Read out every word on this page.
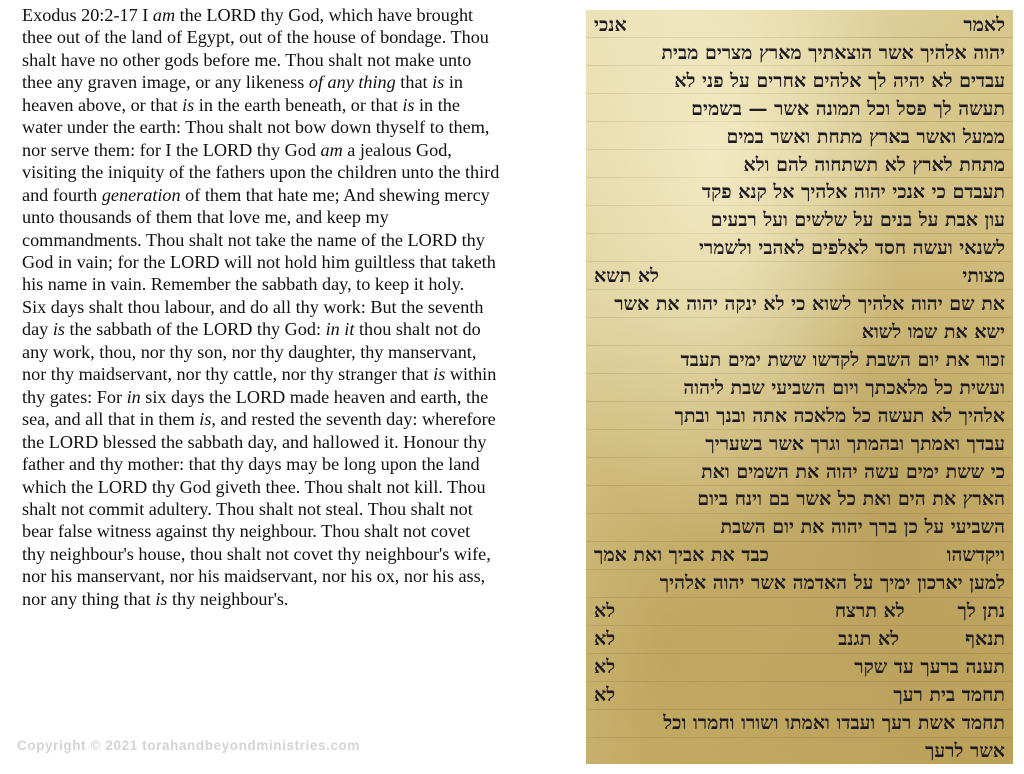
Exodus 20:2-17 I am the LORD thy God, which have brought
thee out of the land of Egypt, out of the house of bondage. Thou
shalt have no other gods before me. Thou shalt not make unto
thee any graven image, or any likeness of any thing that is in
heaven above, or that is in the earth beneath, or that is in the
water under the earth: Thou shalt not bow down thyself to them,
nor serve them: for I the LORD thy God am a jealous God,
visiting the iniquity of the fathers upon the children unto the third
and fourth generation of them that hate me; And shewing mercy
unto thousands of them that love me, and keep my
commandments. Thou shalt not take the name of the LORD thy
God in vain; for the LORD will not hold him guiltless that taketh
his name in vain. Remember the sabbath day, to keep it holy.
Six days shalt thou labour, and do all thy work: But the seventh
day is the sabbath of the LORD thy God: in it thou shalt not do
any work, thou, nor thy son, nor thy daughter, thy manservant,
nor thy maidservant, nor thy cattle, nor thy stranger that is within
thy gates: For in six days the LORD made heaven and earth, the
sea, and all that in them is, and rested the seventh day: wherefore
the LORD blessed the sabbath day, and hallowed it. Honour thy
father and thy mother: that thy days may be long upon the land
which the LORD thy God giveth thee. Thou shalt not kill. Thou
shalt not commit adultery. Thou shalt not steal. Thou shalt not
bear false witness against thy neighbour. Thou shalt not covet
thy neighbour's house, thou shalt not covet thy neighbour's wife,
nor his manservant, nor his maidservant, nor his ox, nor his ass,
nor any thing that is thy neighbour's.
Copyright © 2021 torahandbeyondministries.com
לאמר
אנכי
יהוה אלהיך אשר הוצאתיך מארץ מצרים מבית
עבדים לא יהיה לך אלהים אחרים על פני לא
תעשה לך פסל וכל תמונה אשר — בשמים
ממעל ואשר בארץ מתחת ואשר במים
מתחת לארץ לא תשתחוה להם ולא
תעבדם כי אנכי יהוה אלהיך אל קנא פקד
עון אבת על בנים על שלשים ועל רבעים
לשנאי ועשה חסד לאלפים לאהבי ולשמרי
מצותי
לא תשא
את שם יהוה אלהיך לשוא כי לא ינקה יהוה את אשר
ישא את שמו לשוא
זכור את יום השבת לקדשו ששת ימים תעבד
ועשית כל מלאכתך ויום השביעי שבת ליהוה
אלהיך לא תעשה כל מלאכה אתה ובנך ובתך
עבדך ואמתך ובהמתך וגרך אשר בשעריך
כי ששת ימים עשה יהוה את השמים ואת
הארץ את הים ואת כל אשר בם וינח ביום
השביעי על כן ברך יהוה את יום השבת
ויקדשהו
כבד את אביך ואת אמך
למען יארכון ימיך על האדמה אשר יהוה אלהיך
נתן לך        לא תרצח
לא
תנאף          לא תגנב
לא
תענה ברעך עד שקר
לא
תחמד בית רעך
לא
תחמד אשת רעך ועבדו ואמתו ושורו וחמרו וכל
אשר לרעך
